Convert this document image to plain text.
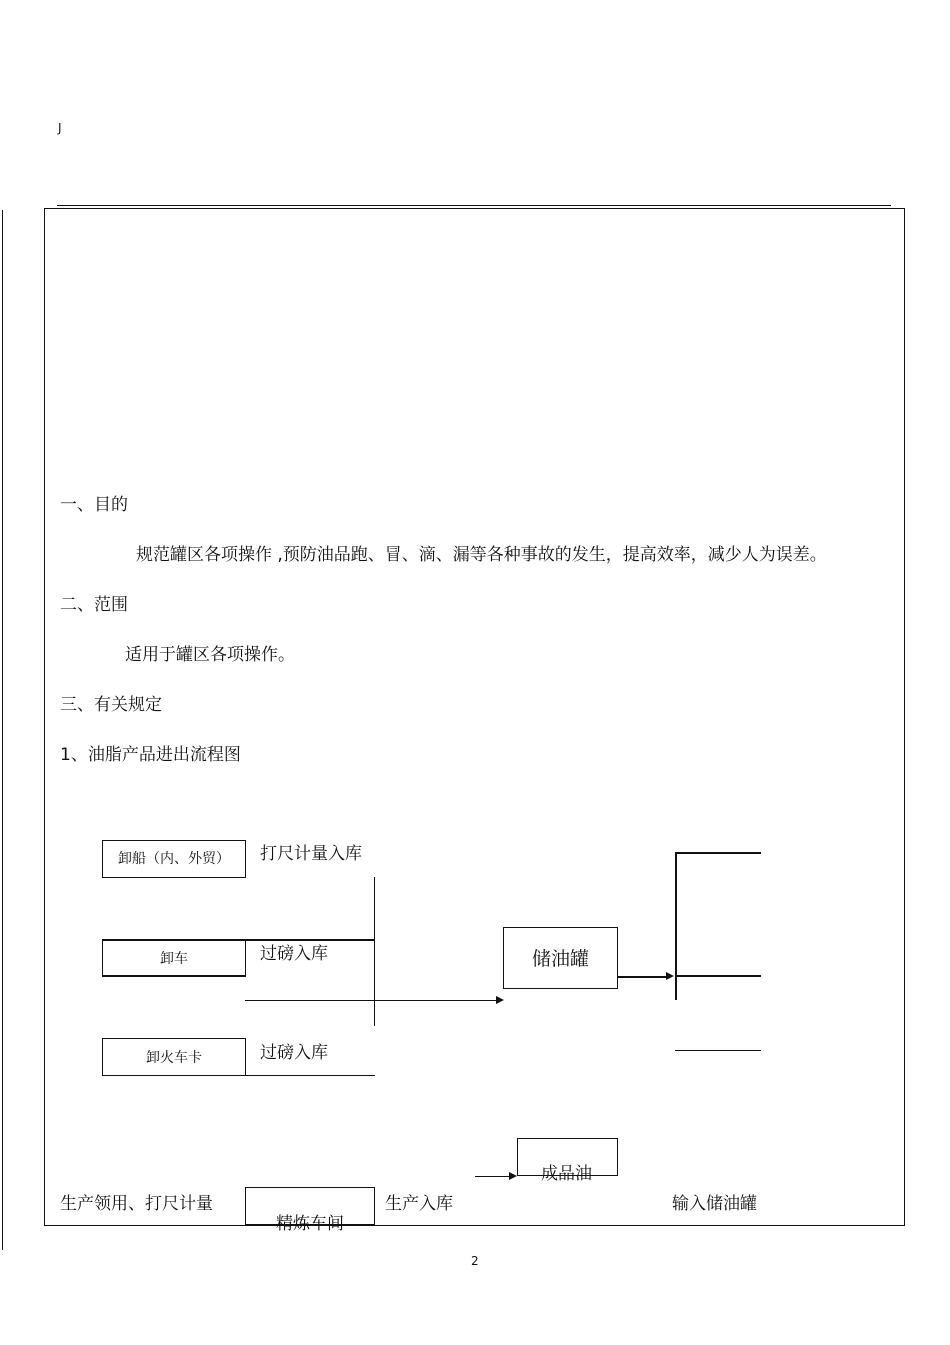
J
一、目的
规范罐区各项操作 ,预防油品跑、冒、滴、漏等各种事故的发生，提高效率，减少人为误差。
二、范围
适用于罐区各项操作。
三、有关规定
1、油脂产品进出流程图
卸船（内、外贸）	打尺计量入库
卸车	过磅入库
卸火车卡	过磅入库
储油罐
成品油
生产领用、打尺计量
精炼车间
生产入库	输入储油罐
2
